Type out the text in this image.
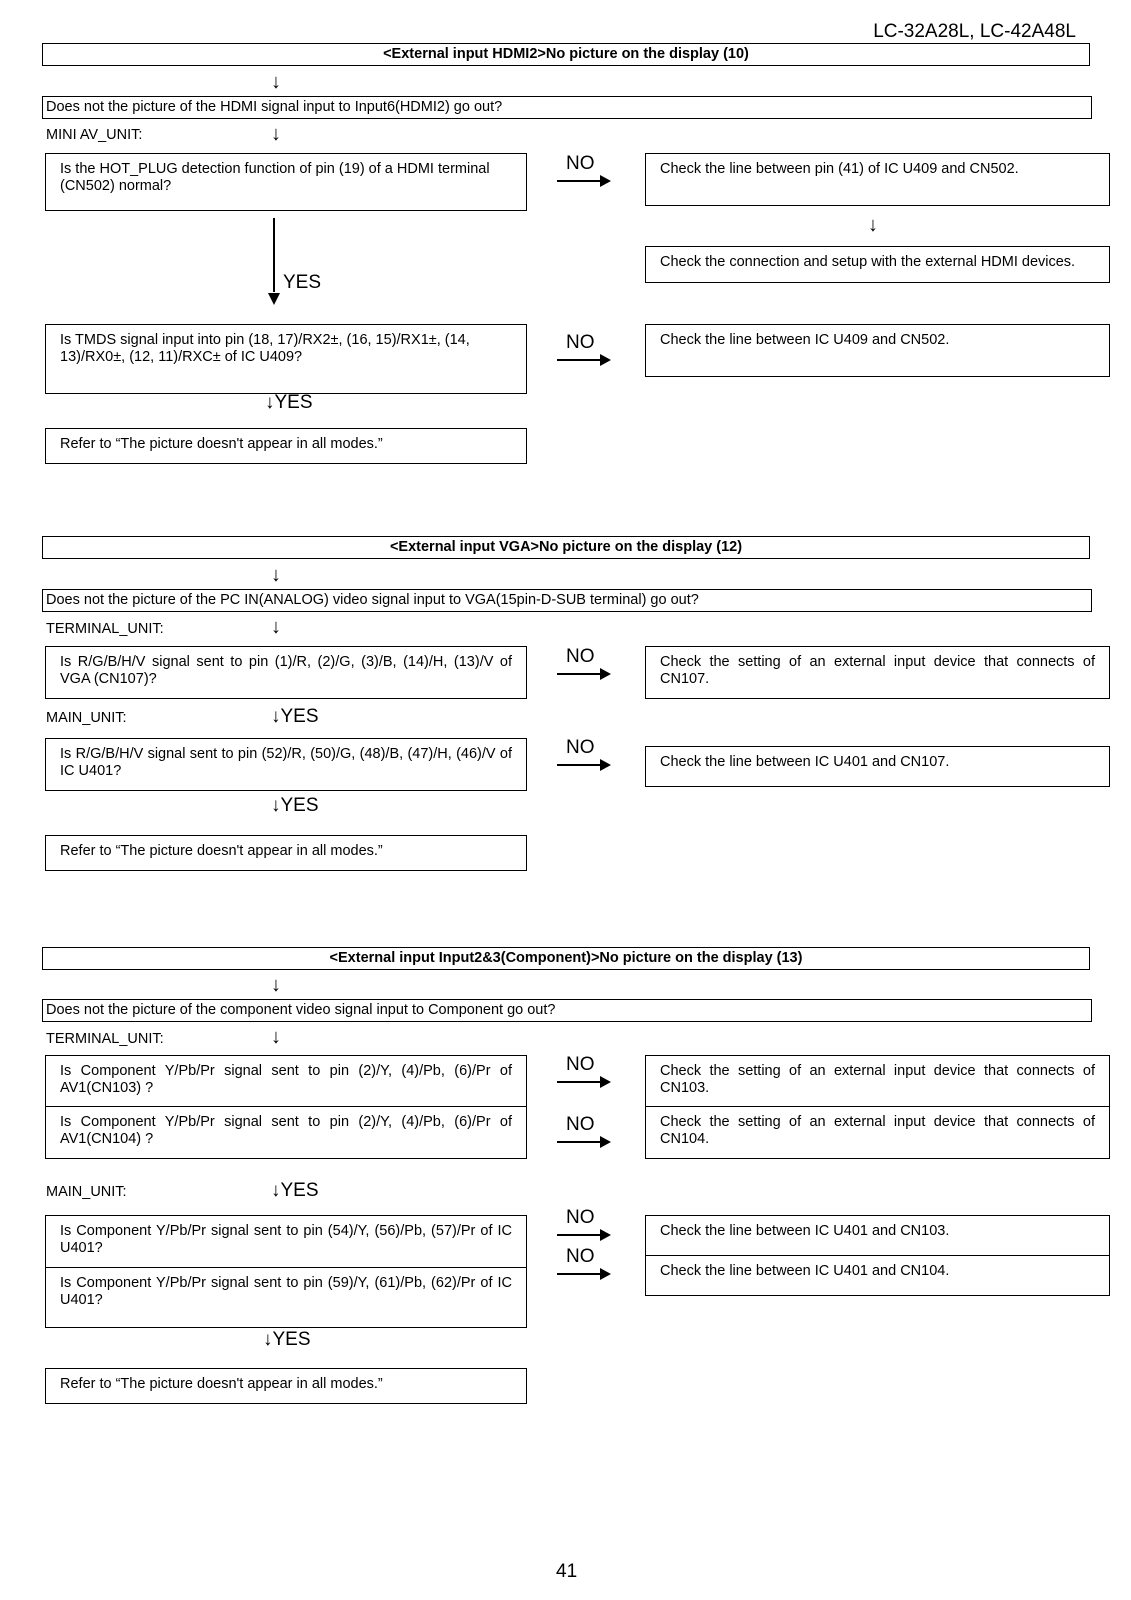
LC-32A28L, LC-42A48L
<External input HDMI2>No picture on the display (10)
↓
Does not the picture of the HDMI signal input to Input6(HDMI2) go out?
MINI AV_UNIT:	↓
Is the HOT_PLUG detection function of pin (19) of a HDMI terminal (CN502) normal?
NO	Check the line between pin (41) of IC U409 and CN502.
↓
Check the connection and setup with the external HDMI devices.
YES
Is TMDS signal input into pin (18, 17)/RX2±, (16, 15)/RX1±, (14, 13)/RX0±, (12, 11)/RXC± of IC U409?
NO	Check the line between IC U409 and CN502.
↓YES
Refer to “The picture doesn't appear in all modes.”
<External input VGA>No picture on the display (12)
↓
Does not the picture of the PC IN(ANALOG) video signal input to VGA(15pin-D-SUB terminal) go out?
TERMINAL_UNIT:	↓
Is R/G/B/H/V signal sent to pin (1)/R, (2)/G, (3)/B, (14)/H, (13)/V of VGA (CN107)?
NO	Check the setting of an external input device that connects of CN107.
MAIN_UNIT:	↓YES
Is R/G/B/H/V signal sent to pin (52)/R, (50)/G, (48)/B, (47)/H, (46)/V of IC U401?
NO
Check the line between IC U401 and CN107.
↓YES
Refer to “The picture doesn't appear in all modes.”
<External input Input2&3(Component)>No picture on the display (13)
↓
Does not the picture of the component video signal input to Component go out?
TERMINAL_UNIT:	↓
Is Component Y/Pb/Pr signal sent to pin (2)/Y, (4)/Pb, (6)/Pr of AV1(CN103) ?
Is Component Y/Pb/Pr signal sent to pin (2)/Y, (4)/Pb, (6)/Pr of AV1(CN104) ?
NO
NO
Check the setting of an external input device that connects of CN103.
Check the setting of an external input device that connects of CN104.
MAIN_UNIT:	↓YES
Is Component Y/Pb/Pr signal sent to pin (54)/Y, (56)/Pb, (57)/Pr of IC U401?
Is Component Y/Pb/Pr signal sent to pin (59)/Y, (61)/Pb, (62)/Pr of IC U401?
NO
NO
Check the line between IC U401 and CN103.
Check the line between IC U401 and CN104.
↓YES
Refer to “The picture doesn't appear in all modes.”
41
